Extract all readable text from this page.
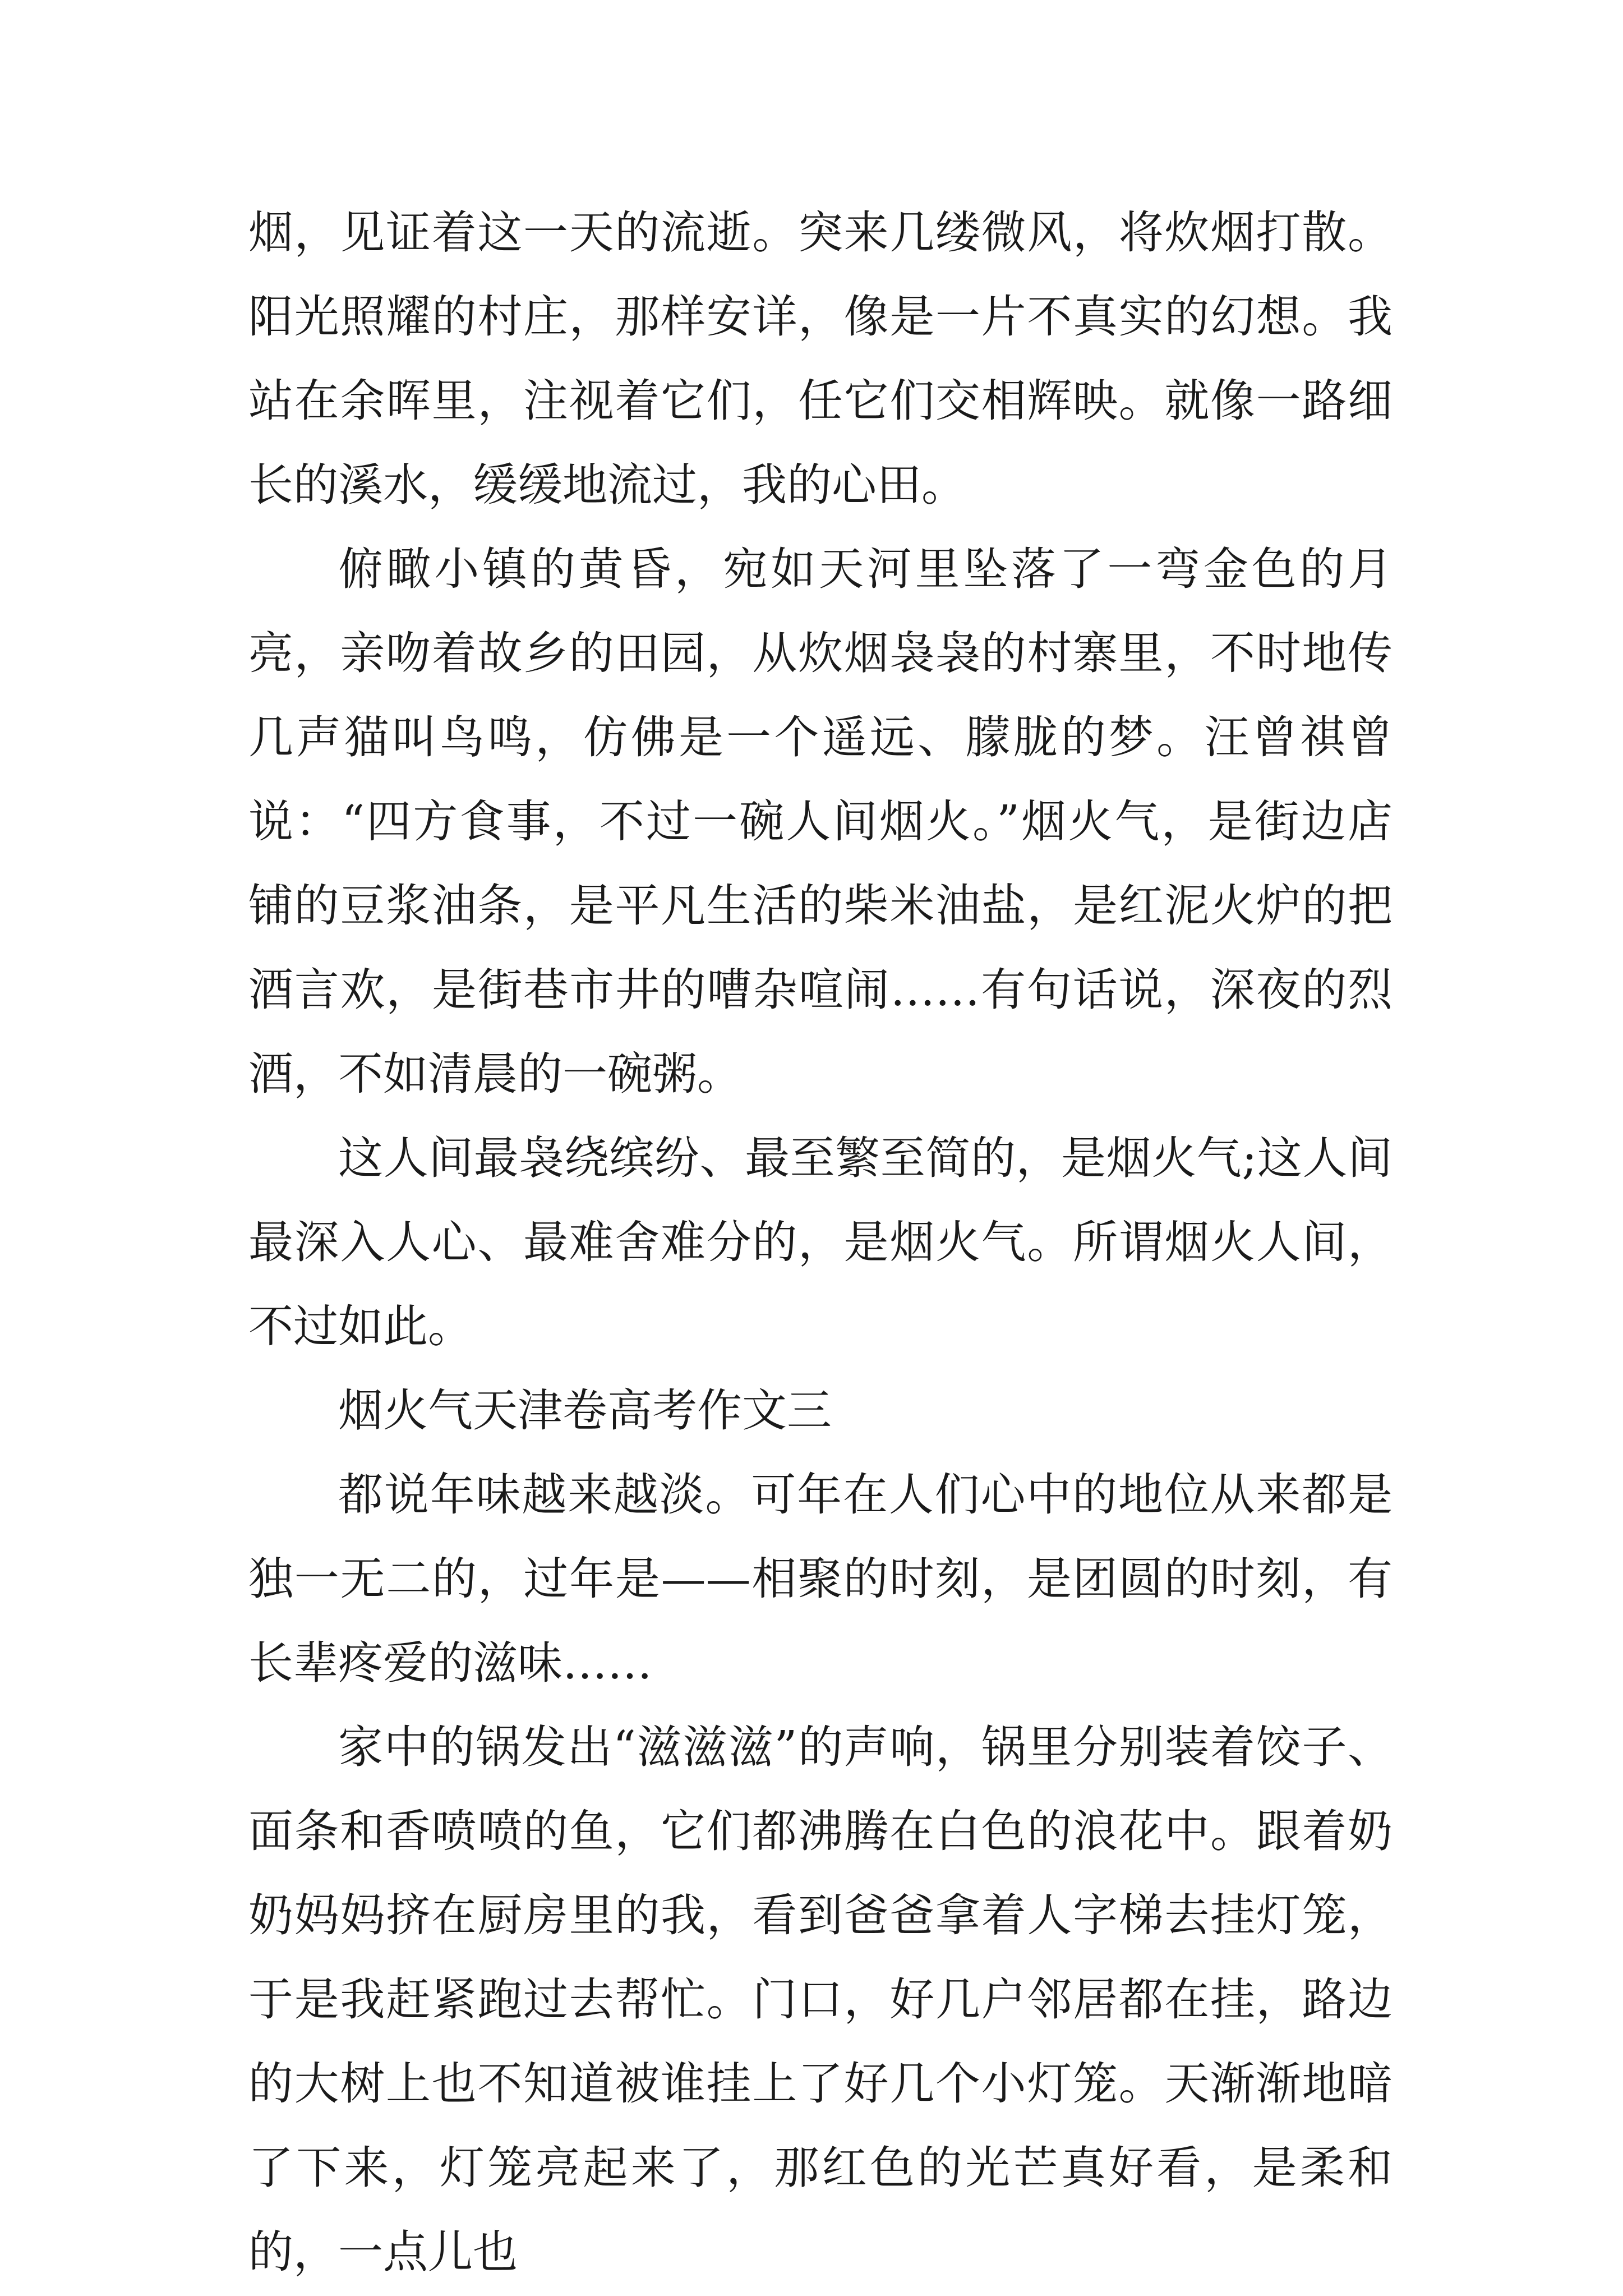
烟，见证着这一天的流逝。突来几缕微风，将炊烟打散。阳光照耀的村庄，那样安详，像是一片不真实的幻想。我站在余晖里，注视着它们，任它们交相辉映。就像一路细长的溪水，缓缓地流过，我的心田。

俯瞰小镇的黄昏，宛如天河里坠落了一弯金色的月亮，亲吻着故乡的田园，从炊烟袅袅的村寨里，不时地传几声猫叫鸟鸣，仿佛是一个遥远、朦胧的梦。汪曾祺曾说：“四方食事，不过一碗人间烟火。”烟火气，是街边店铺的豆浆油条，是平凡生活的柴米油盐，是红泥火炉的把酒言欢，是街巷市井的嘈杂喧闹……有句话说，深夜的烈酒，不如清晨的一碗粥。

这人间最袅绕缤纷、最至繁至简的，是烟火气;这人间最深入人心、最难舍难分的，是烟火气。所谓烟火人间，不过如此。

烟火气天津卷高考作文三

都说年味越来越淡。可年在人们心中的地位从来都是独一无二的，过年是——相聚的时刻，是团圆的时刻，有长辈疼爱的滋味……

家中的锅发出“滋滋滋”的声响，锅里分别装着饺子、面条和香喷喷的鱼，它们都沸腾在白色的浪花中。跟着奶奶妈妈挤在厨房里的我，看到爸爸拿着人字梯去挂灯笼，于是我赶紧跑过去帮忙。门口，好几户邻居都在挂，路边的大树上也不知道被谁挂上了好几个小灯笼。天渐渐地暗了下来，灯笼亮起来了，那红色的光芒真好看，是柔和的，一点儿也
